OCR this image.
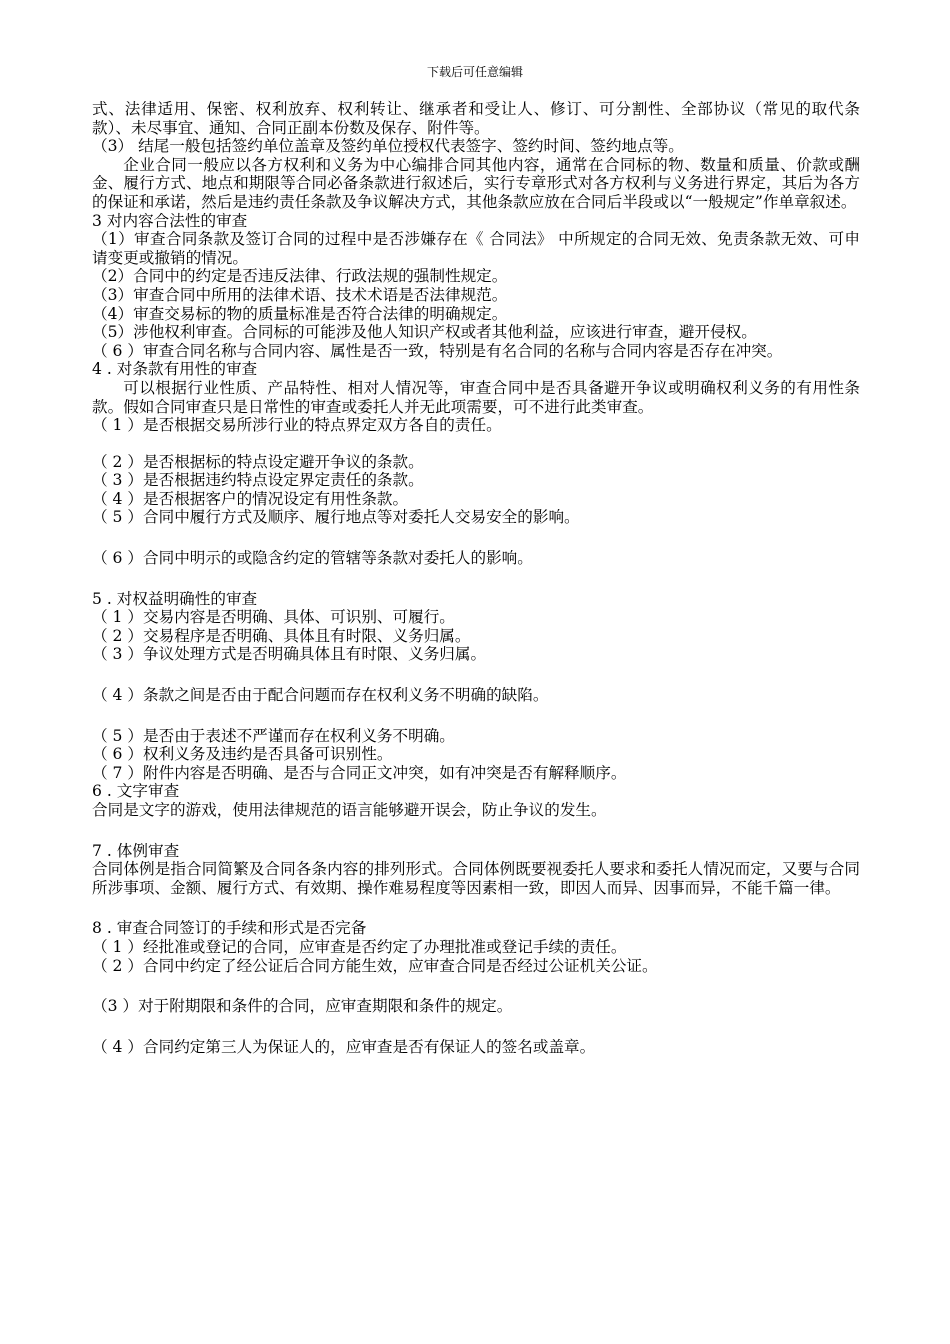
下载后可任意编辑

式、法律适用、保密、权利放弃、权利转让、继承者和受让人、修订、可分割性、全部协议（常见的取代条款）、未尽事宜、通知、合同正副本份数及保存、附件等。

（3） 结尾一般包括签约单位盖章及签约单位授权代表签字、签约时间、签约地点等。

企业合同一般应以各方权利和义务为中心编排合同其他内容，通常在合同标的物、数量和质量、价款或酬金、履行方式、地点和期限等合同必备条款进行叙述后，实行专章形式对各方权利与义务进行界定，其后为各方的保证和承诺，然后是违约责任条款及争议解决方式，其他条款应放在合同后半段或以“一般规定”作单章叙述。

3 对内容合法性的审查

（1）审查合同条款及签订合同的过程中是否涉嫌存在《 合同法》 中所规定的合同无效、免责条款无效、可申请变更或撤销的情况。

（2）合同中的约定是否违反法律、行政法规的强制性规定。

（3）审查合同中所用的法律术语、技术术语是否法律规范。

（4）审查交易标的物的质量标准是否符合法律的明确规定。

（5）涉他权利审查。合同标的可能涉及他人知识产权或者其他利益，应该进行审查，避开侵权。

（ 6 ）审查合同名称与合同内容、属性是否一致，特别是有名合同的名称与合同内容是否存在冲突。

4 . 对条款有用性的审查

可以根据行业性质、产品特性、相对人情况等，审查合同中是否具备避开争议或明确权利义务的有用性条款。假如合同审查只是日常性的审查或委托人并无此项需要，可不进行此类审查。

（ 1 ）是否根据交易所涉行业的特点界定双方各自的责任。

（ 2 ）是否根据标的特点设定避开争议的条款。

（ 3 ）是否根据违约特点设定界定责任的条款。

（ 4 ）是否根据客户的情况设定有用性条款。

（ 5 ）合同中履行方式及顺序、履行地点等对委托人交易安全的影响。

（ 6 ）合同中明示的或隐含约定的管辖等条款对委托人的影响。

5 . 对权益明确性的审查

（ 1 ）交易内容是否明确、具体、可识别、可履行。

（ 2 ）交易程序是否明确、具体且有时限、义务归属。

（ 3 ）争议处理方式是否明确具体且有时限、义务归属。

（ 4 ）条款之间是否由于配合问题而存在权利义务不明确的缺陷。

（ 5 ）是否由于表述不严谨而存在权利义务不明确。

（ 6 ）权利义务及违约是否具备可识别性。

（ 7 ）附件内容是否明确、是否与合同正文冲突，如有冲突是否有解释顺序。

6 . 文字审查

合同是文字的游戏，使用法律规范的语言能够避开误会，防止争议的发生。

7 . 体例审查

合同体例是指合同简繁及合同各条内容的排列形式。合同体例既要视委托人要求和委托人情况而定，又要与合同所涉事项、金额、履行方式、有效期、操作难易程度等因素相一致，即因人而异、因事而异，不能千篇一律。

8 . 审查合同签订的手续和形式是否完备

（ 1 ）经批准或登记的合同，应审查是否约定了办理批准或登记手续的责任。

（ 2 ）合同中约定了经公证后合同方能生效，应审查合同是否经过公证机关公证。

（3 ）对于附期限和条件的合同，应审查期限和条件的规定。

（ 4 ）合同约定第三人为保证人的，应审查是否有保证人的签名或盖章。
